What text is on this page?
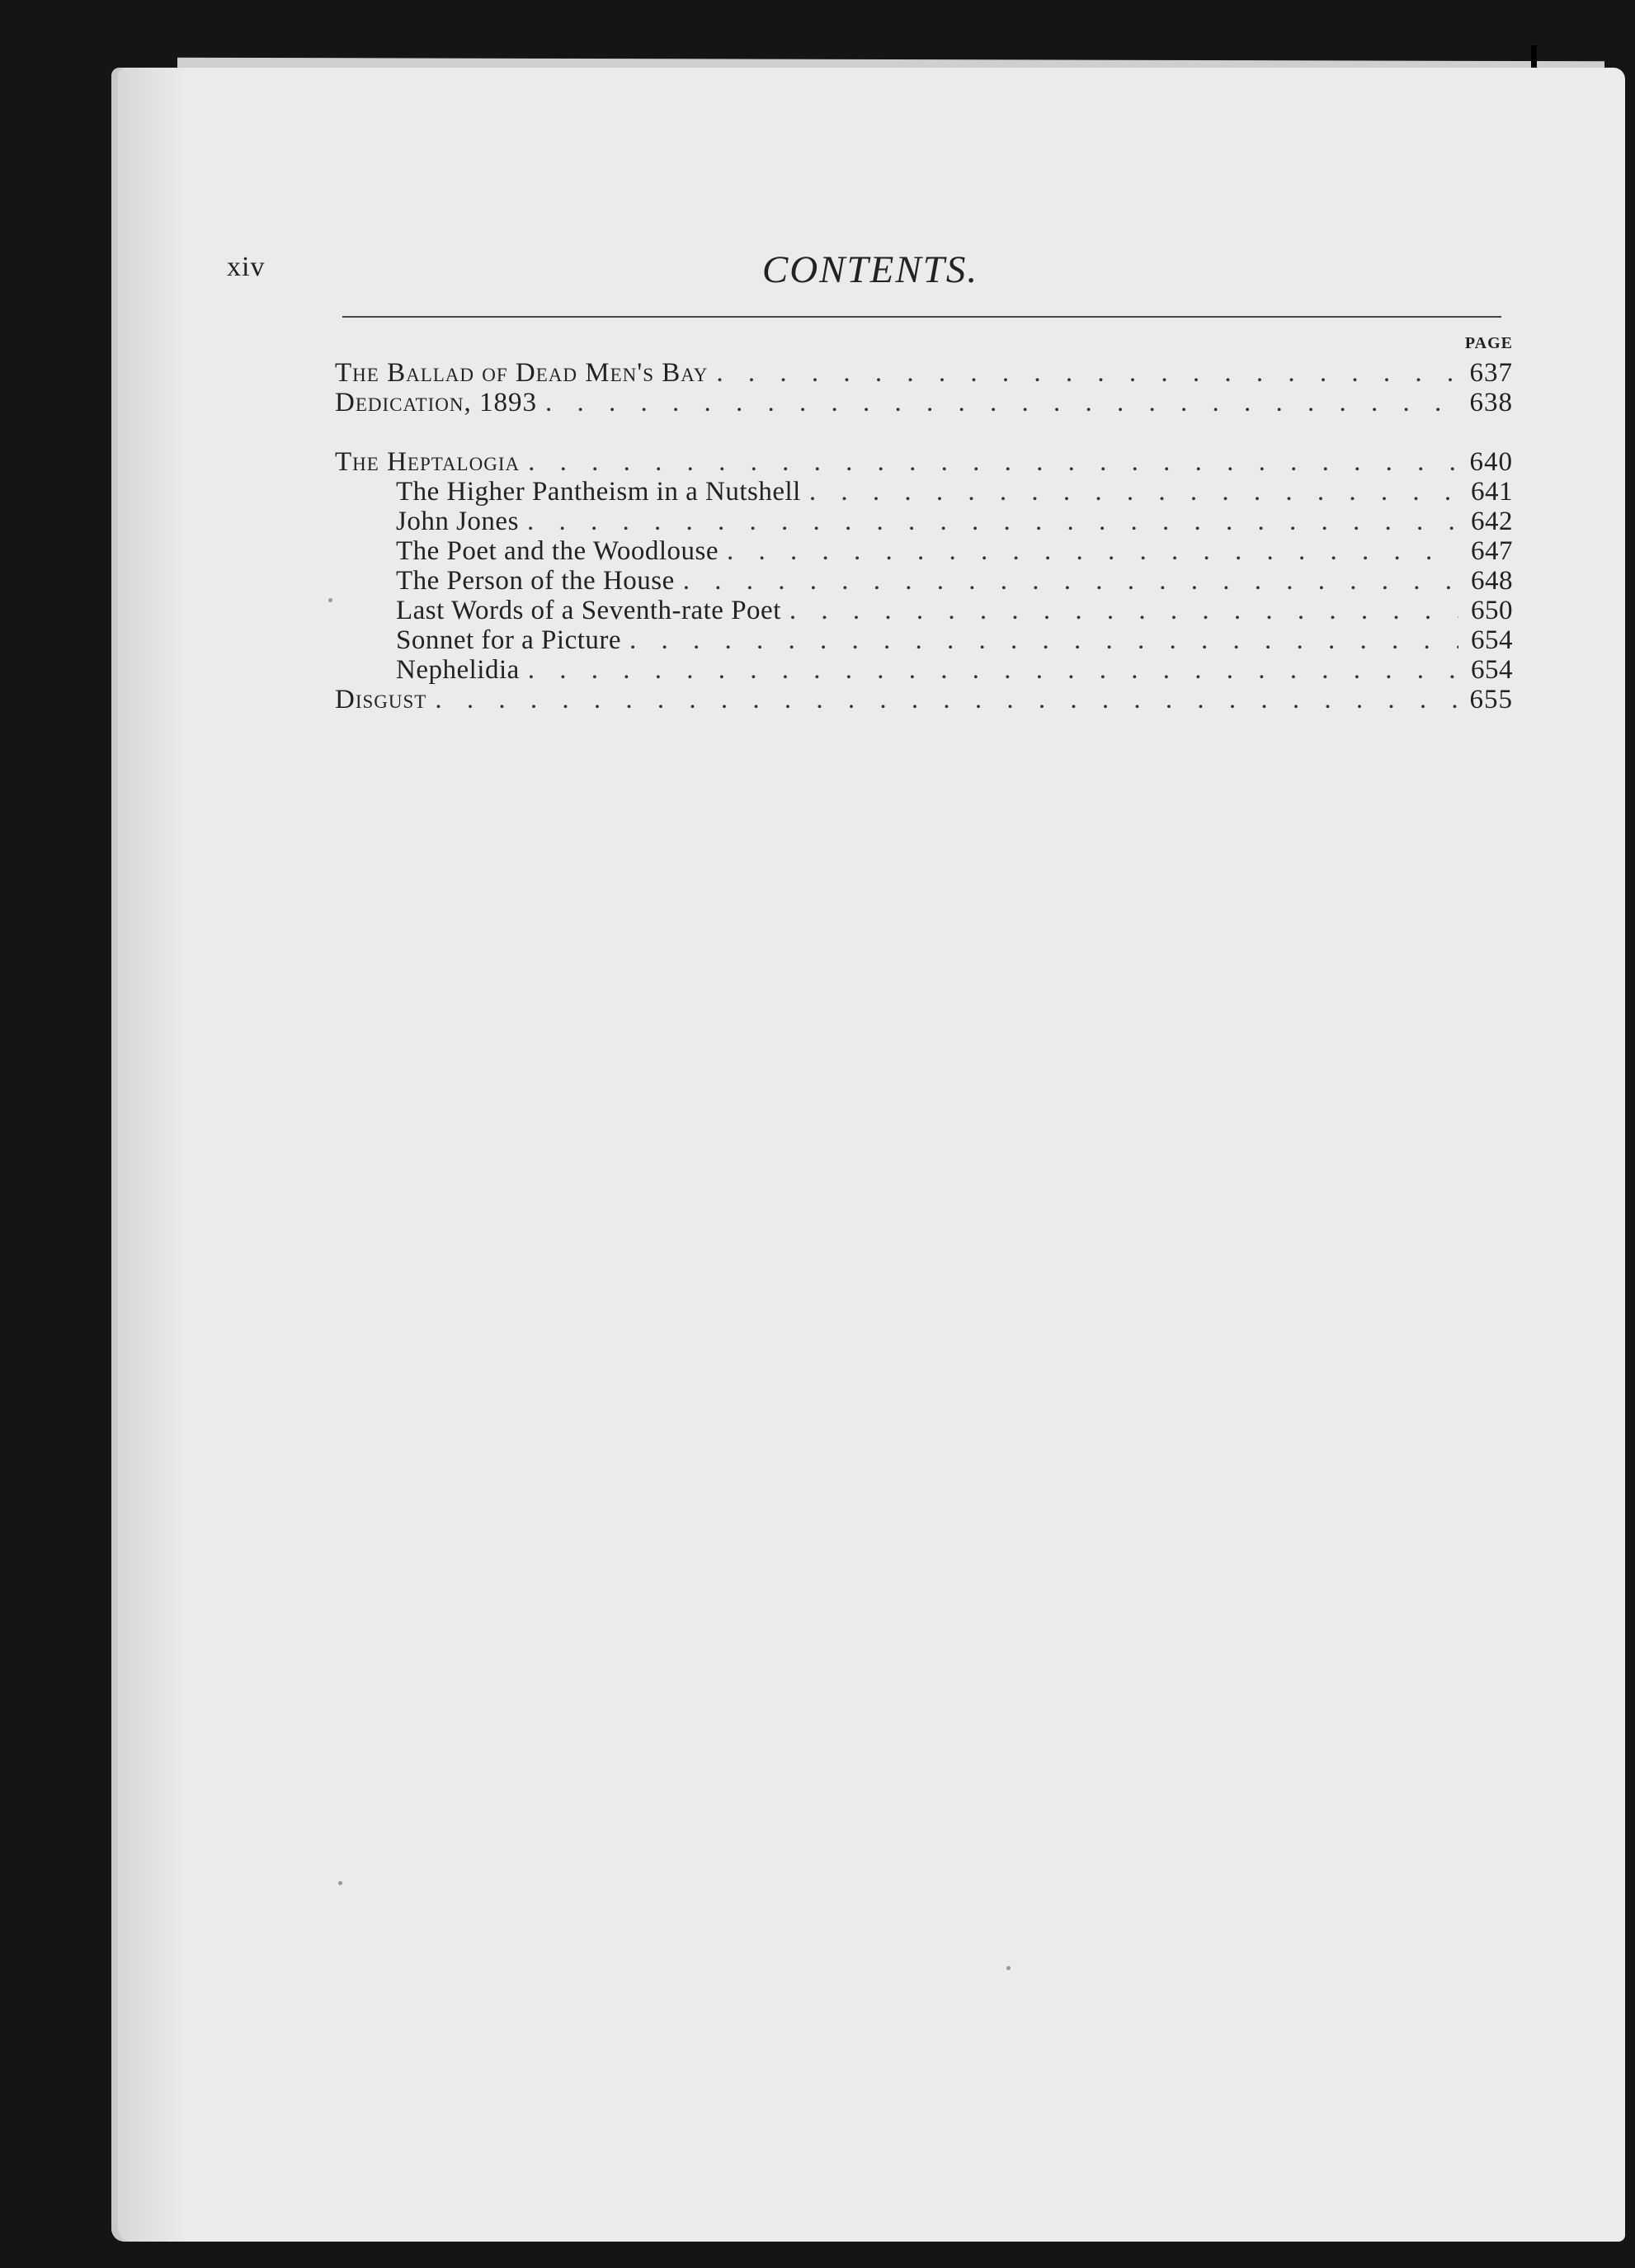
xiv	CONTENTS.
PAGE
The Ballad of Dead Men's Bay . . .	637
Dedication, 1893 . . .	638
The Heptalogia . . .	640
The Higher Pantheism in a Nutshell . . .	641
John Jones . . .	642
The Poet and the Woodlouse . . .	647
The Person of the House . . .	648
Last Words of a Seventh-rate Poet . . .	650
Sonnet for a Picture . . .	654
Nephelidia . . .	654
Disgust . . .	655
